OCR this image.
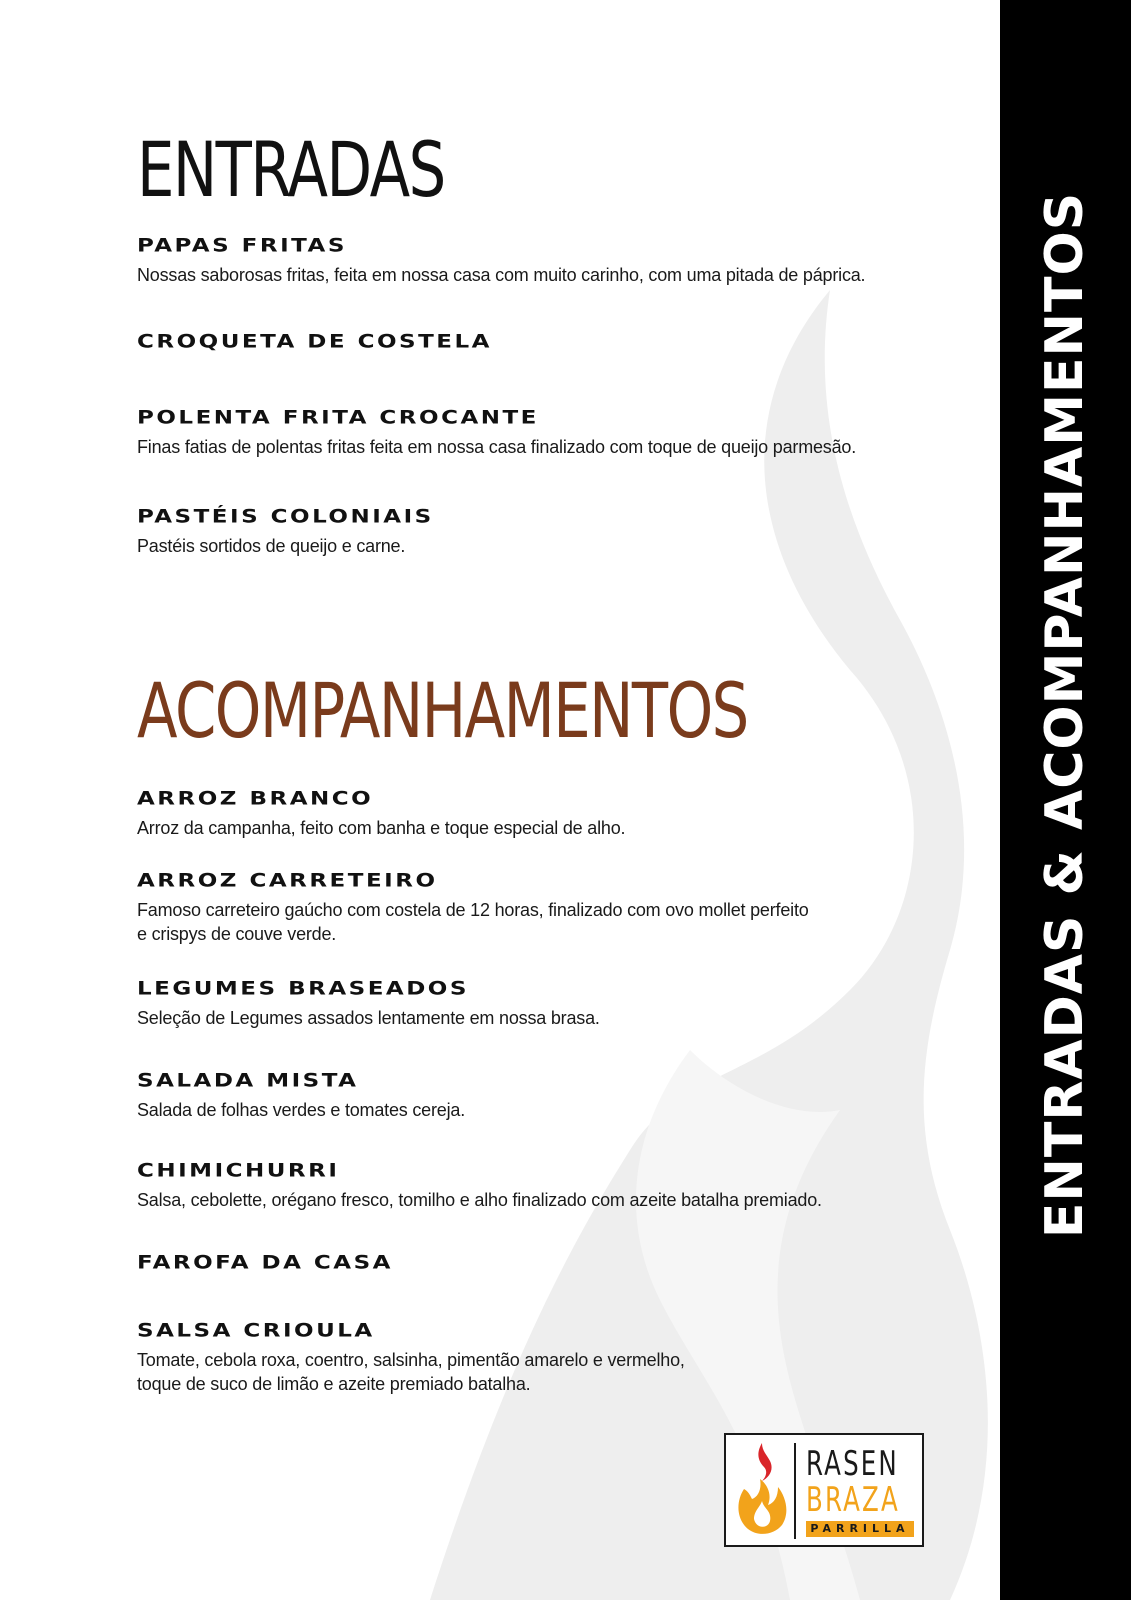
ENTRADAS
PAPAS FRITAS
Nossas saborosas fritas, feita em nossa casa com muito carinho, com uma pitada de páprica.
CROQUETA DE COSTELA
POLENTA FRITA CROCANTE
Finas fatias de polentas fritas feita em nossa casa finalizado com toque de queijo parmesão.
PASTÉIS COLONIAIS
Pastéis sortidos de queijo e carne.
ACOMPANHAMENTOS
ARROZ BRANCO
Arroz da campanha, feito com banha e toque especial de alho.
ARROZ CARRETEIRO
Famoso carreteiro gaúcho com costela de 12 horas, finalizado com ovo mollet perfeito
e crispys de couve verde.
LEGUMES BRASEADOS
Seleção de Legumes assados lentamente em nossa brasa.
SALADA MISTA
Salada de folhas verdes e tomates cereja.
CHIMICHURRI
Salsa, cebolette, orégano fresco, tomilho e alho finalizado com azeite batalha premiado.
FAROFA DA CASA
SALSA CRIOULA
Tomate, cebola roxa, coentro, salsinha, pimentão amarelo e vermelho,
toque de suco de limão e azeite premiado batalha.
RASEN
BRAZA
PARRILLA
ENTRADAS & ACOMPANHAMENTOS
